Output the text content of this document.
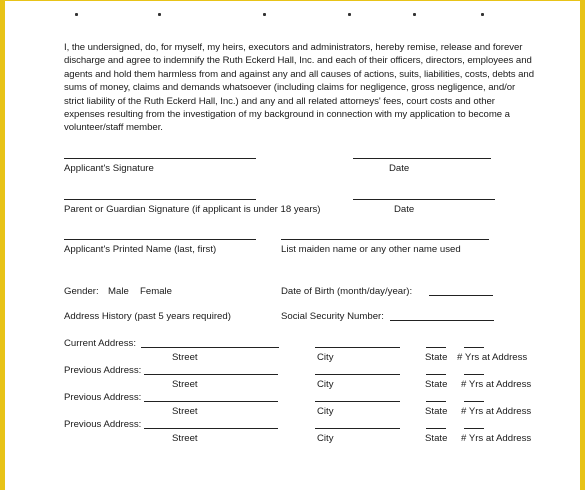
I, the undersigned, do, for myself, my heirs, executors and administrators, hereby remise, release and forever discharge and agree to indemnify the Ruth Eckerd Hall, Inc. and each of their officers, directors, employees and agents and hold them harmless from and against any and all causes of actions, suits, liabilities, costs, debts and sums of money, claims and demands whatsoever (including claims for negligence, gross negligence, and/or strict liability of the Ruth Eckerd Hall, Inc.) and any and all related attorneys' fees, court costs and other expenses resulting from the investigation of my background in connection with my application to become a volunteer/staff member.

Applicant's Signature	Date
Parent or Guardian Signature (if applicant is under 18 years)	Date
Applicant's Printed Name (last, first)	List maiden name or any other name used
Gender: Male Female	Date of Birth (month/day/year):
Address History (past 5 years required)	Social Security Number:
Current Address:
Street	City	State # Yrs at Address
Previous Address:
Street	City	State # Yrs at Address
Previous Address:
Street	City	State # Yrs at Address
Previous Address:
Street	City	State # Yrs at Address
